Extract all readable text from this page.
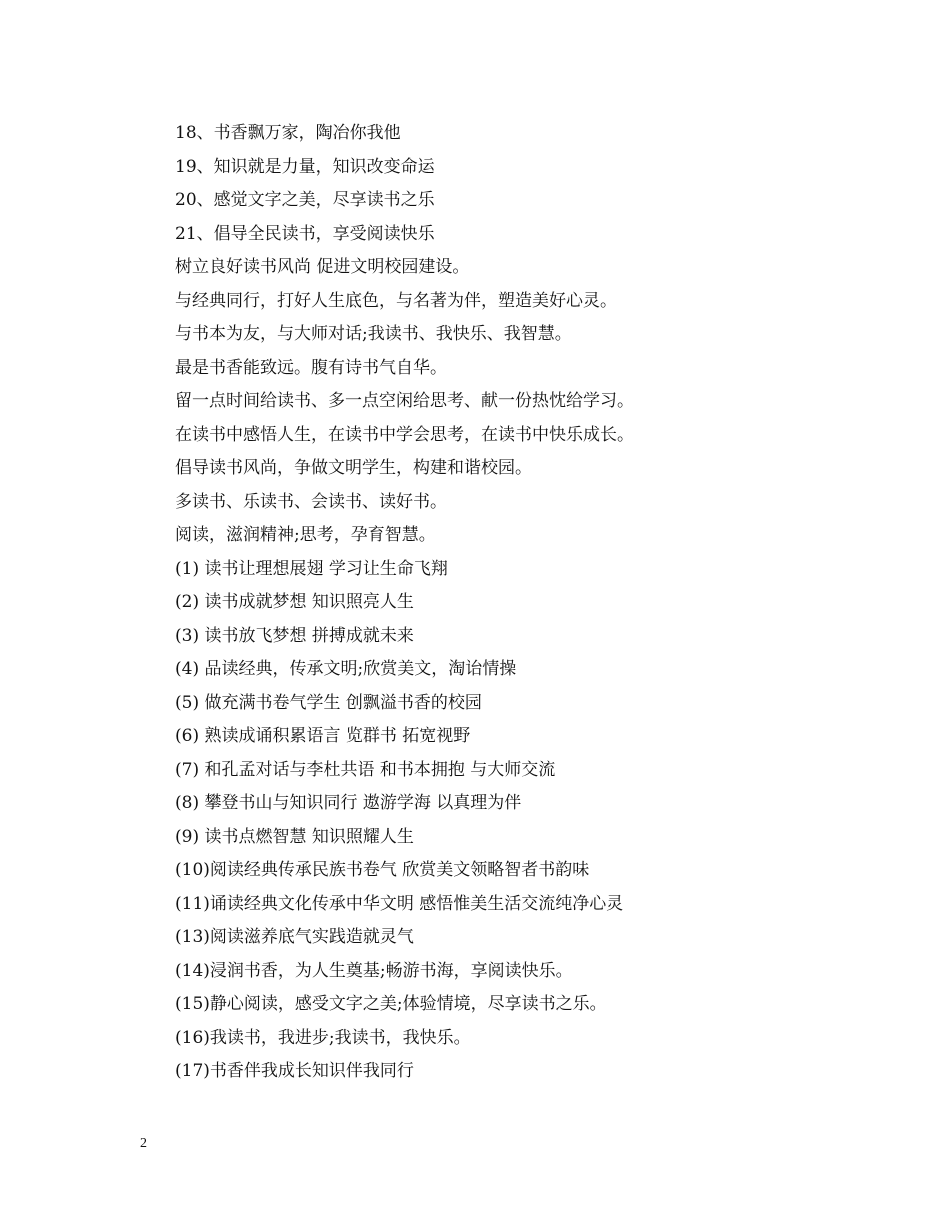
18、书香飘万家，陶冶你我他
19、知识就是力量，知识改变命运
20、感觉文字之美，尽享读书之乐
21、倡导全民读书，享受阅读快乐
树立良好读书风尚 促进文明校园建设。
与经典同行，打好人生底色，与名著为伴，塑造美好心灵。
与书本为友，与大师对话;我读书、我快乐、我智慧。
最是书香能致远。腹有诗书气自华。
留一点时间给读书、多一点空闲给思考、献一份热忱给学习。
在读书中感悟人生，在读书中学会思考，在读书中快乐成长。
倡导读书风尚，争做文明学生，构建和谐校园。
多读书、乐读书、会读书、读好书。
阅读，滋润精神;思考，孕育智慧。
(1) 读书让理想展翅 学习让生命飞翔
(2) 读书成就梦想 知识照亮人生
(3) 读书放飞梦想 拼搏成就未来
(4) 品读经典，传承文明;欣赏美文，淘诒情操
(5) 做充满书卷气学生 创飘溢书香的校园
(6) 熟读成诵积累语言 览群书 拓宽视野
(7) 和孔孟对话与李杜共语 和书本拥抱 与大师交流
(8) 攀登书山与知识同行 遨游学海 以真理为伴
(9) 读书点燃智慧 知识照耀人生
(10)阅读经典传承民族书卷气 欣赏美文领略智者书韵味
(11)诵读经典文化传承中华文明 感悟惟美生活交流纯净心灵
(13)阅读滋养底气实践造就灵气
(14)浸润书香，为人生奠基;畅游书海，享阅读快乐。
(15)静心阅读，感受文字之美;体验情境，尽享读书之乐。
(16)我读书，我进步;我读书，我快乐。
(17)书香伴我成长知识伴我同行
2
